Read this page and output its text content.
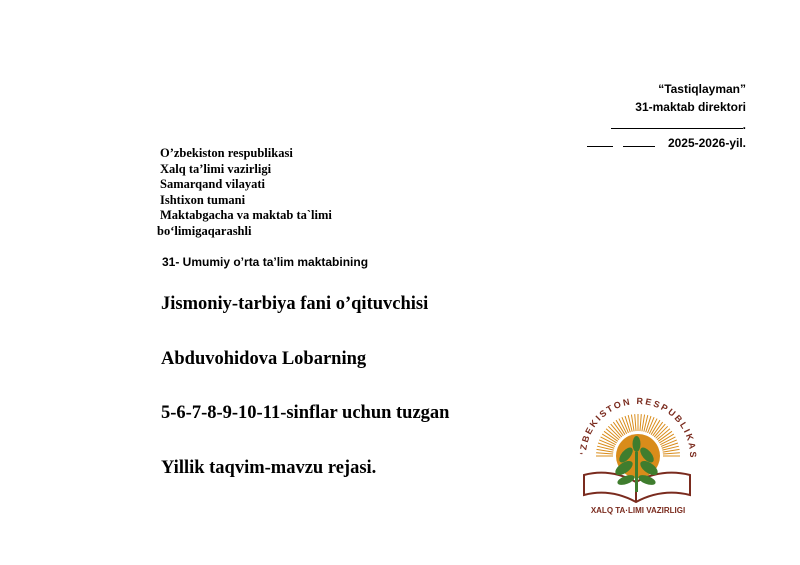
“Tastiqlayman”
31-maktab direktori
.
2025-2026-yil.
O’zbekiston respublikasi
Xalq ta’limi vazirligi
Samarqand vilayati
Ishtixon tumani
Maktabgacha va maktab ta`limi
bo‘limigaqarashli
31- Umumiy o’rta ta’lim maktabining
Jismoniy-tarbiya fani o’qituvchisi
Abduvohidova Lobarning
5-6-7-8-9-10-11-sinflar uchun tuzgan
Yillik taqvim-mavzu rejasi.
‘ZBEKISTON RESPUBLIKAS
XALQ TA·LIMI VAZIRLIGI
